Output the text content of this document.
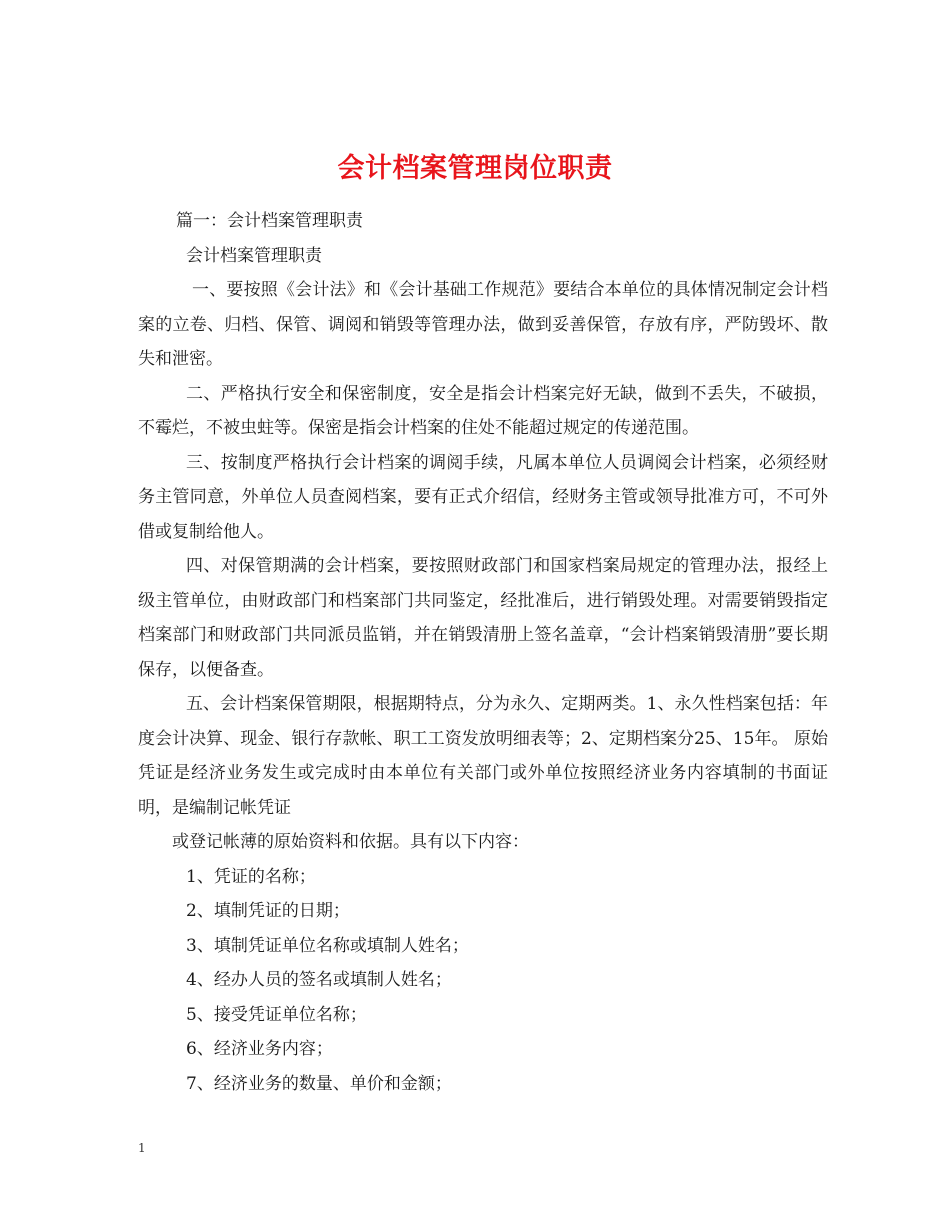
会计档案管理岗位职责

篇一：会计档案管理职责

会计档案管理职责

一、要按照《会计法》和《会计基础工作规范》要结合本单位的具体情况制定会计档案的立卷、归档、保管、调阅和销毁等管理办法，做到妥善保管，存放有序，严防毁坏、散失和泄密。

二、严格执行安全和保密制度，安全是指会计档案完好无缺，做到不丢失，不破损，不霉烂，不被虫蛀等。保密是指会计档案的住处不能超过规定的传递范围。

三、按制度严格执行会计档案的调阅手续，凡属本单位人员调阅会计档案，必须经财务主管同意，外单位人员查阅档案，要有正式介绍信，经财务主管或领导批准方可，不可外借或复制给他人。

四、对保管期满的会计档案，要按照财政部门和国家档案局规定的管理办法，报经上级主管单位，由财政部门和档案部门共同鉴定，经批准后，进行销毁处理。对需要销毁指定档案部门和财政部门共同派员监销，并在销毁清册上签名盖章，“会计档案销毁清册”要长期保存，以便备查。

五、会计档案保管期限，根据期特点，分为永久、定期两类。1、永久性档案包括：年度会计决算、现金、银行存款帐、职工工资发放明细表等；2、定期档案分25、15年。 原始凭证是经济业务发生或完成时由本单位有关部门或外单位按照经济业务内容填制的书面证明，是编制记帐凭证

或登记帐薄的原始资料和依据。具有以下内容：

1、凭证的名称；

2、填制凭证的日期；

3、填制凭证单位名称或填制人姓名；

4、经办人员的签名或填制人姓名；

5、接受凭证单位名称；

6、经济业务内容；

7、经济业务的数量、单价和金额；

1
